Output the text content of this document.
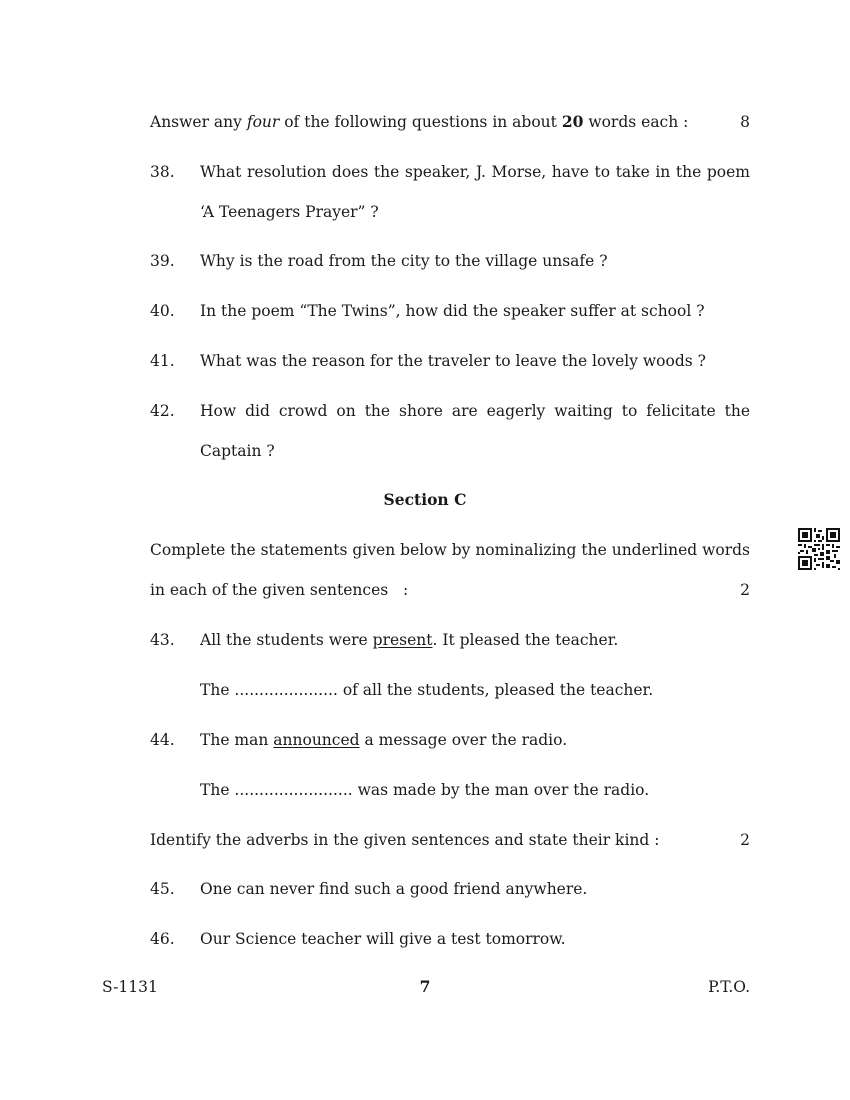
Answer any four of the following questions in about 20 words each :	8
38. What resolution does the speaker, J. Morse, have to take in the poem
‘A Teenagers Prayer” ?
39. Why is the road from the city to the village unsafe ?
40. In the poem “The Twins”, how did the speaker suffer at school ?
41. What was the reason for the traveler to leave the lovely woods ?
42. How did crowd on the shore are eagerly waiting to felicitate the
Captain ?
Section C
Complete the statements given below by nominalizing the underlined words
in each of the given sentences   :	2
43. All the students were present. It pleased the teacher.
The ..................... of all the students, pleased the teacher.
44. The man announced a message over the radio.
The ........................ was made by the man over the radio.
Identify the adverbs in the given sentences and state their kind :	2
45. One can never find such a good friend anywhere.
46. Our Science teacher will give a test tomorrow.
S-1131	7	P.T.O.
